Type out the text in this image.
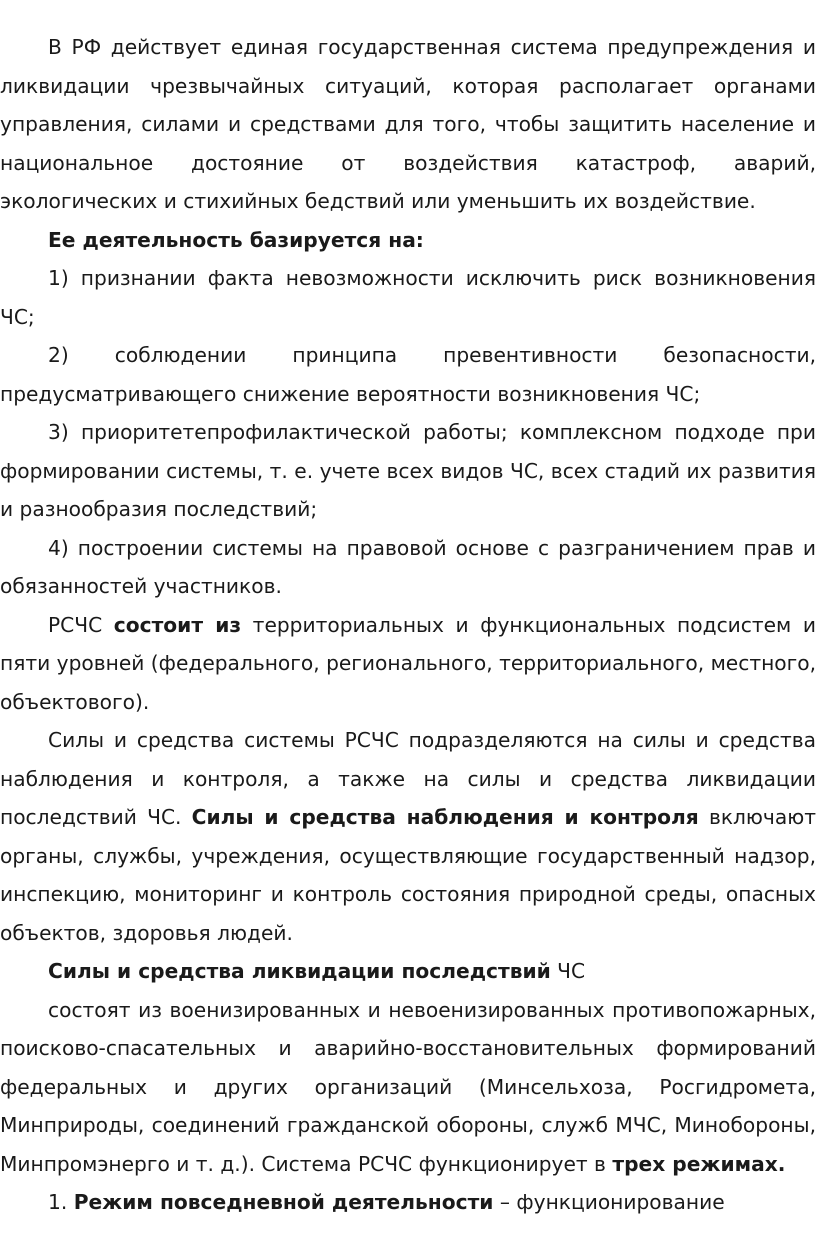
В РФ действует единая государственная система предупреждения и ликвидации чрезвычайных ситуаций, которая располагает органами управления, силами и средствами для того, чтобы защитить население и национальное достояние от воздействия катастроф, аварий, экологических и стихийных бедствий или уменьшить их воздействие.

Ее деятельность базируется на:

1) признании факта невозможности исключить риск возникновения ЧС;

2) соблюдении принципа превентивности безопасности, предусматривающего снижение вероятности возникновения ЧС;

3) приоритетепрофилактической работы; комплексном подходе при формировании системы, т. е. учете всех видов ЧС, всех стадий их развития и разнообразия последствий;

4) построении системы на правовой основе с разграничением прав и обязанностей участников.

РСЧС состоит из территориальных и функциональных подсистем и пяти уровней (федерального, регионального, территориального, местного, объектового).

Силы и средства системы РСЧС подразделяются на силы и средства наблюдения и контроля, а также на силы и средства ликвидации последствий ЧС. Силы и средства наблюдения и контроля включают органы, службы, учреждения, осуществляющие государственный надзор, инспекцию, мониторинг и контроль состояния природной среды, опасных объектов, здоровья людей.

Силы и средства ликвидации последствий ЧС

состоят из военизированных и невоенизированных противопожарных, поисково-спасательных и аварийно-восстановительных формирований федеральных и других организаций (Минсельхоза, Росгидромета, Минприроды, соединений гражданской обороны, служб МЧС, Минобороны, Минпромэнерго и т. д.). Система РСЧС функционирует в трех режимах.

1. Режим повседневной деятельности – функционирование
